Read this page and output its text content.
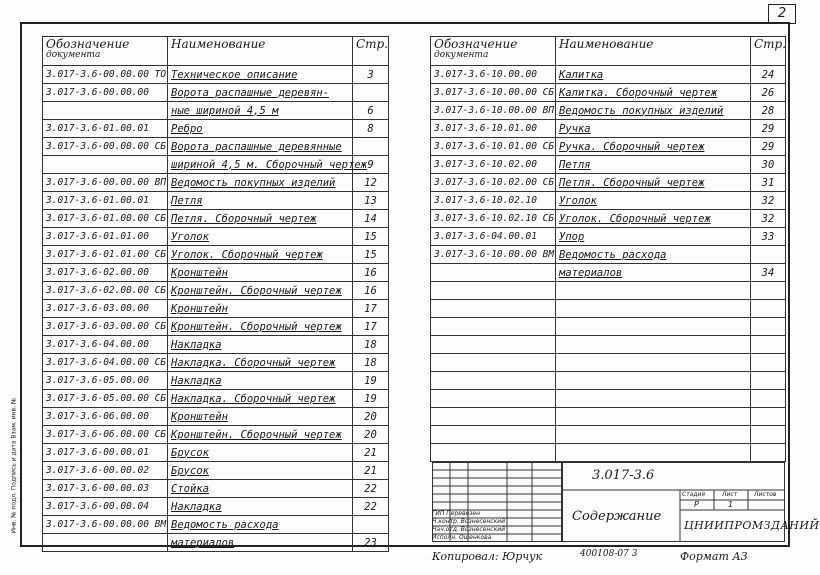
2
Инв. № подл. Подпись и дата Взам. инв. №
Обозначение
документа	Наименование	Стр.
3.017-3.6-00.00.00 ТО	Техническое описание	3
3.017-3.6-00.00.00	Ворота распашные деревян-	
	ные шириной 4,5 м	6
3.017-3.6-01.00.01	Ребро	8
3.017-3.6-00.00.00 СБ	Ворота распашные деревянные	
	шириной 4,5 м. Сборочный чертеж	9
3.017-3.6-00.00.00 ВП	Ведомость покупных изделий	12
3.017-3.6-01.00.01	Петля	13
3.017-3.6-01.00.00 СБ	Петля. Сборочный чертеж	14
3.017-3.6-01.01.00	Уголок	15
3.017-3.6-01.01.00 СБ	Уголок. Сборочный чертеж	15
3.017-3.6-02.00.00	Кронштейн	16
3.017-3.6-02.00.00 СБ	Кронштейн. Сборочный чертеж	16
3.017-3.6-03.00.00	Кронштейн	17
3.017-3.6-03.00.00 СБ	Кронштейн. Сборочный чертеж	17
3.017-3.6-04.00.00	Накладка	18
3.017-3.6-04.00.00 СБ	Накладка. Сборочный чертеж	18
3.017-3.6-05.00.00	Накладка	19
3.017-3.6-05.00.00 СБ	Накладка. Сборочный чертеж	19
3.017-3.6-06.00.00	Кронштейн	20
3.017-3.6-06.00.00 СБ	Кронштейн. Сборочный чертеж	20
3.017-3.6-00.00.01	Брусок	21
3.017-3.6-00.00.02	Брусок	21
3.017-3.6-00.00.03	Стойка	22
3.017-3.6-00.00.04	Накладка	22
3.017-3.6-00.00.00 ВМ	Ведомость расхода	
	материалов	23
Обозначение
документа	Наименование	Стр.
3.017-3.6-10.00.00	Калитка	24
3.017-3.6-10.00.00 СБ	Калитка. Сборочный чертеж	26
3.017-3.6-10.00.00 ВП	Ведомость покупных изделий	28
3.017-3.6-10.01.00	Ручка	29
3.017-3.6-10.01.00 СБ	Ручка. Сборочный чертеж	29
3.017-3.6-10.02.00	Петля	30
3.017-3.6-10.02.00 СБ	Петля. Сборочный чертеж	31
3.017-3.6-10.02.10	Уголок	32
3.017-3.6-10.02.10 СБ	Уголок. Сборочный чертеж	32
3.017-3.6-04.00.01	Упор	33
3.017-3.6-10.00.00 ВМ	Ведомость расхода	
	материалов	34

ГИП Перевезен
Н.контр. Вознесенский
Нач.отд. Вознесенский
Исполн. Ошенкова
3.017-3.6
Содержание
Стадия	Лист	Листов
Р	1
ЦНИИПРОМЗДАНИЙ
Копировал: Юрчук	400108-07 3	Формат А3
